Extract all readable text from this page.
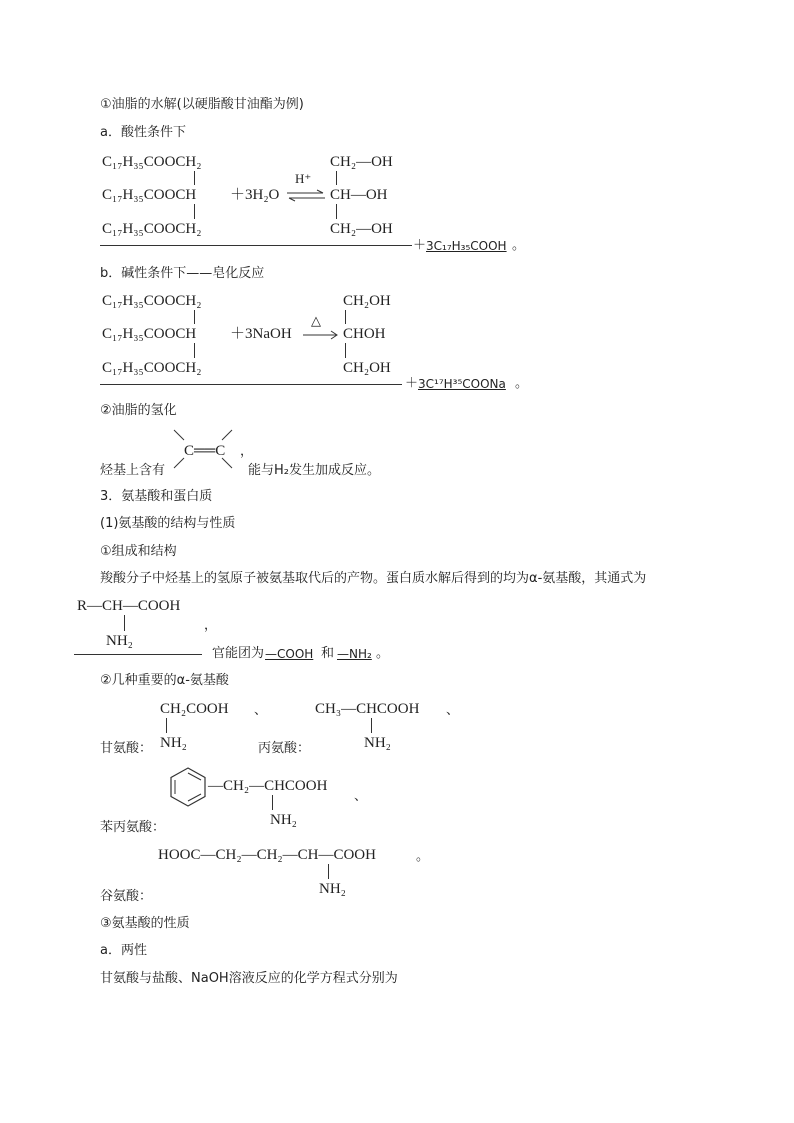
①油脂的水解(以硬脂酸甘油酯为例)
a．酸性条件下
C₁₇H₃₅COOCH₂
C₁₇H₃₅COOCH
C₁₇H₃₅COOCH₂
＋3H₂O
H⁺
CH₂—OH
CH—OH
CH₂—OH
＋ 3C₁₇H₃₅COOH 。
b．碱性条件下——皂化反应
C₁₇H₃₅COOCH₂
C₁₇H₃₅COOCH
C₁₇H₃₅COOCH₂
＋3NaOH
△
CH₂OH
CHOH
CH₂OH
＋ 3C¹⁷H³⁵COONa 。
②油脂的氢化
C══C
烃基上含有
，
能与H₂发生加成反应。
3．氨基酸和蛋白质
(1)氨基酸的结构与性质
①组成和结构
羧酸分子中烃基上的氢原子被氨基取代后的产物。蛋白质水解后得到的均为α-氨基酸，其通式为
R—CH—COOH
NH₂
，
官能团为 —COOH 和 —NH₂ 。
②几种重要的α-氨基酸
CH₂COOH
NH₂
、
甘氨酸：
CH₃—CHCOOH
NH₂
、
丙氨酸：
—CH₂—CHCOOH
NH₂
、
苯丙氨酸：
HOOC—CH₂—CH₂—CH—COOH
NH₂
。
谷氨酸：
③氨基酸的性质
a．两性
甘氨酸与盐酸、NaOH溶液反应的化学方程式分别为
